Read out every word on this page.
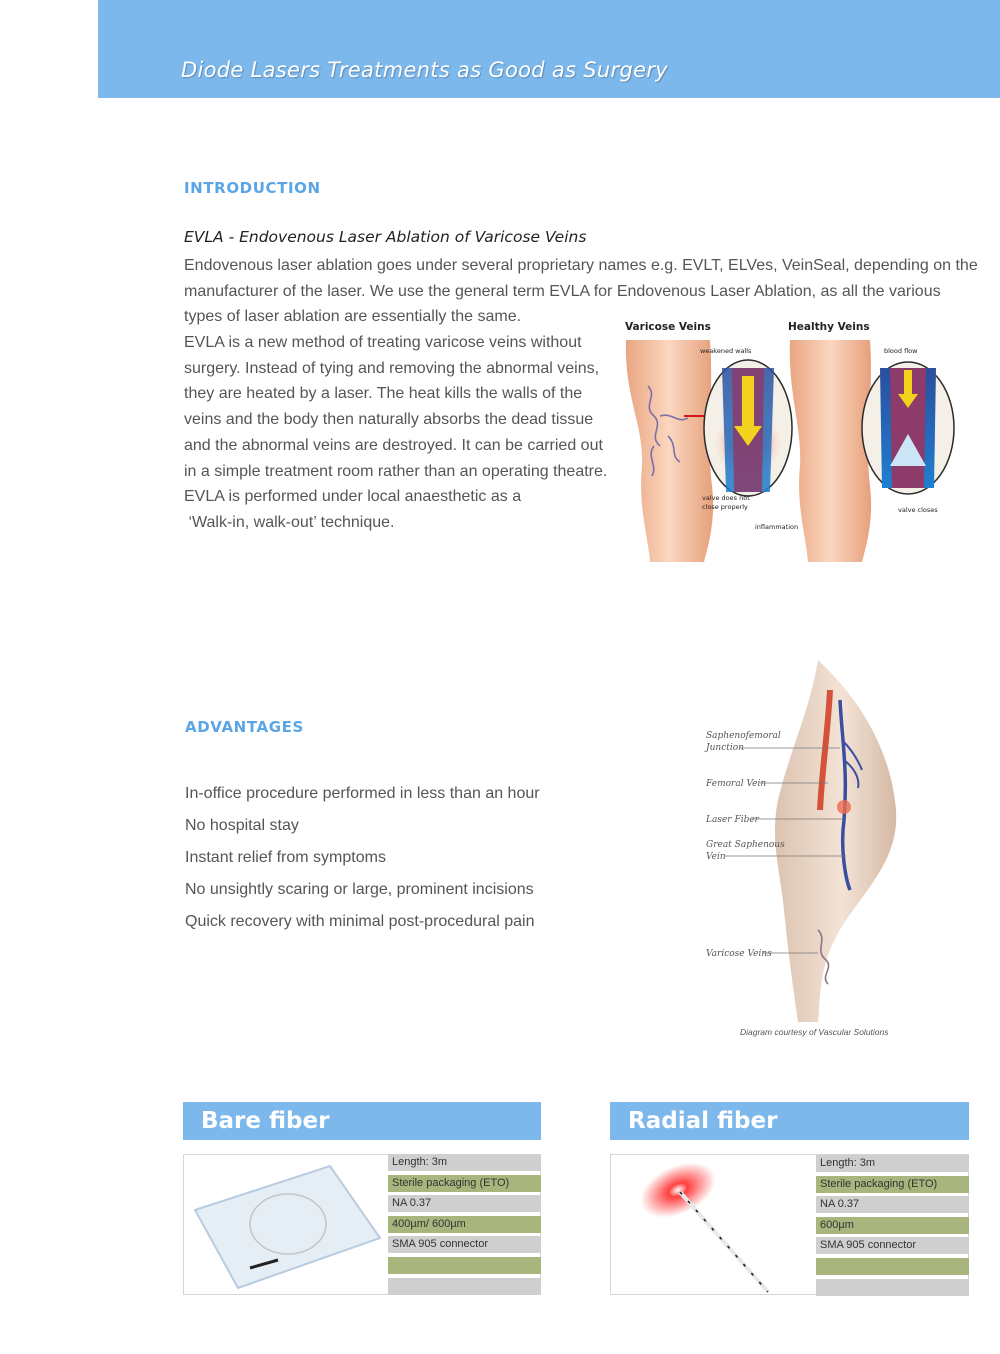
Diode Lasers Treatments as Good as Surgery
INTRODUCTION

EVLA - Endovenous Laser Ablation of Varicose Veins

Endovenous laser ablation goes under several proprietary names e.g. EVLT, ELVes, VeinSeal, depending on the
manufacturer of the laser. We use the general term EVLA for Endovenous Laser Ablation, as all the various
types of laser ablation are essentially the same.

EVLA is a new method of treating varicose veins without
surgery. Instead of tying and removing the abnormal veins,
they are heated by a laser. The heat kills the walls of the
veins and the body then naturally absorbs the dead tissue
and the abnormal veins are destroyed. It can be carried out
in a simple treatment room rather than an operating theatre.
EVLA is performed under local anaesthetic as a
‘Walk-in, walk-out’ technique.

Varicose Veins	Healthy Veins
weakened walls
valve does not
close properly
inflammation
blood flow
valve closes
ADVANTAGES
In-office procedure performed in less than an hour
No hospital stay
Instant relief from symptoms
No unsightly scaring or large, prominent incisions
Quick recovery with minimal post-procedural pain
Saphenofemoral
Junction
Femoral Vein
Laser Fiber
Great Saphenous
Vein
Varicose Veins
Diagram courtesy of Vascular Solutions
Bare fiber
Length: 3m
Sterile packaging (ETO)
NA 0.37
400µm/ 600µm
SMA 905 connector
Radial fiber
Length: 3m
Sterile packaging (ETO)
NA 0.37
600µm
SMA 905 connector
